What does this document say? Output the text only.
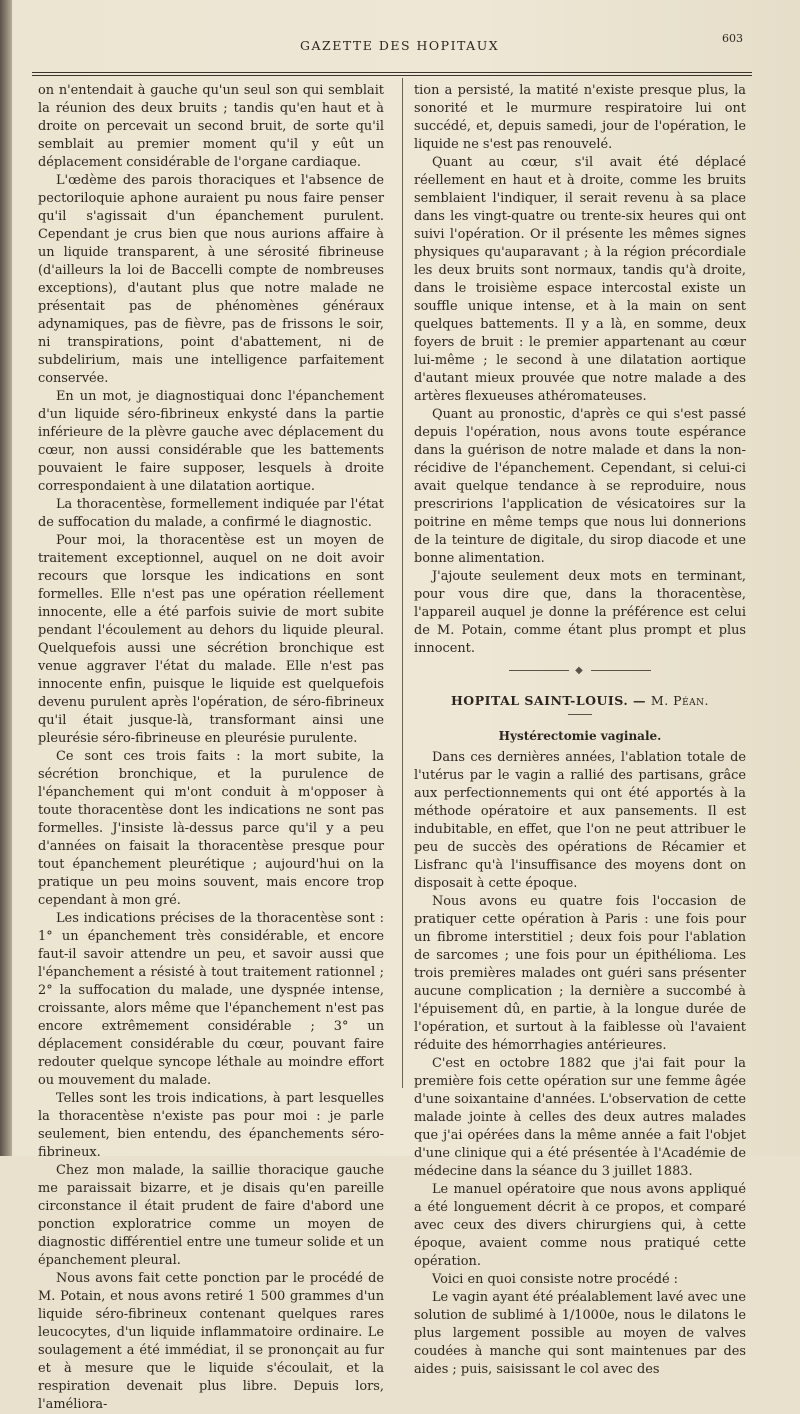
GAZETTE DES HOPITAUX	603

on n'entendait à gauche qu'un seul son qui semblait la réunion des deux bruits ; tandis qu'en haut et à droite on percevait un second bruit, de sorte qu'il semblait au premier moment qu'il y eût un déplacement considérable de l'organe cardiaque.

L'œdème des parois thoraciques et l'absence de pectoriloquie aphone auraient pu nous faire penser qu'il s'agissait d'un épanchement purulent. Cependant je crus bien que nous aurions affaire à un liquide transparent, à une sérosité fibrineuse (d'ailleurs la loi de Baccelli compte de nombreuses exceptions), d'autant plus que notre malade ne présentait pas de phénomènes généraux adynamiques, pas de fièvre, pas de frissons le soir, ni transpirations, point d'abattement, ni de subdelirium, mais une intelligence parfaitement conservée.

En un mot, je diagnostiquai donc l'épanchement d'un liquide séro-fibrineux enkysté dans la partie inférieure de la plèvre gauche avec déplacement du cœur, non aussi considérable que les battements pouvaient le faire supposer, lesquels à droite correspondaient à une dilatation aortique.

La thoracentèse, formellement indiquée par l'état de suffocation du malade, a confirmé le diagnostic.

Pour moi, la thoracentèse est un moyen de traitement exceptionnel, auquel on ne doit avoir recours que lorsque les indications en sont formelles. Elle n'est pas une opération réellement innocente, elle a été parfois suivie de mort subite pendant l'écoulement au dehors du liquide pleural. Quelquefois aussi une sécrétion bronchique est venue aggraver l'état du malade. Elle n'est pas innocente enfin, puisque le liquide est quelquefois devenu purulent après l'opération, de séro-fibrineux qu'il était jusque-là, transformant ainsi une pleurésie séro-fibrineuse en pleurésie purulente.

Ce sont ces trois faits : la mort subite, la sécrétion bronchique, et la purulence de l'épanchement qui m'ont conduit à m'opposer à toute thoracentèse dont les indications ne sont pas formelles. J'insiste là-dessus parce qu'il y a peu d'années on faisait la thoracentèse presque pour tout épanchement pleurétique ; aujourd'hui on la pratique un peu moins souvent, mais encore trop cependant à mon gré.

Les indications précises de la thoracentèse sont : 1° un épanchement très considérable, et encore faut-il savoir attendre un peu, et savoir aussi que l'épanchement a résisté à tout traitement rationnel ; 2° la suffocation du malade, une dyspnée intense, croissante, alors même que l'épanchement n'est pas encore extrêmement considérable ; 3° un déplacement considérable du cœur, pouvant faire redouter quelque syncope léthale au moindre effort ou mouvement du malade.

Telles sont les trois indications, à part lesquelles la thoracentèse n'existe pas pour moi : je parle seulement, bien entendu, des épanchements séro-fibrineux.

Chez mon malade, la saillie thoracique gauche me paraissait bizarre, et je disais qu'en pareille circonstance il était prudent de faire d'abord une ponction exploratrice comme un moyen de diagnostic différentiel entre une tumeur solide et un épanchement pleural.

Nous avons fait cette ponction par le procédé de M. Potain, et nous avons retiré 1 500 grammes d'un liquide séro-fibrineux contenant quelques rares leucocytes, d'un liquide inflammatoire ordinaire. Le soulagement a été immédiat, il se prononçait au fur et à mesure que le liquide s'écoulait, et la respiration devenait plus libre. Depuis lors, l'améliora-

tion a persisté, la matité n'existe presque plus, la sonorité et le murmure respiratoire lui ont succédé, et, depuis samedi, jour de l'opération, le liquide ne s'est pas renouvelé.

Quant au cœur, s'il avait été déplacé réellement en haut et à droite, comme les bruits semblaient l'indiquer, il serait revenu à sa place dans les vingt-quatre ou trente-six heures qui ont suivi l'opération. Or il présente les mêmes signes physiques qu'auparavant ; à la région précordiale les deux bruits sont normaux, tandis qu'à droite, dans le troisième espace intercostal existe un souffle unique intense, et à la main on sent quelques battements. Il y a là, en somme, deux foyers de bruit : le premier appartenant au cœur lui-même ; le second à une dilatation aortique d'autant mieux prouvée que notre malade a des artères flexueuses athéromateuses.

Quant au pronostic, d'après ce qui s'est passé depuis l'opération, nous avons toute espérance dans la guérison de notre malade et dans la non-récidive de l'épanchement. Cependant, si celui-ci avait quelque tendance à se reproduire, nous prescririons l'application de vésicatoires sur la poitrine en même temps que nous lui donnerions de la teinture de digitale, du sirop diacode et une bonne alimentation.

J'ajoute seulement deux mots en terminant, pour vous dire que, dans la thoracentèse, l'appareil auquel je donne la préférence est celui de M. Potain, comme étant plus prompt et plus innocent.

◆
HOPITAL SAINT-LOUIS. — M. Péan.
Hystérectomie vaginale.

Dans ces dernières années, l'ablation totale de l'utérus par le vagin a rallié des partisans, grâce aux perfectionnements qui ont été apportés à la méthode opératoire et aux pansements. Il est indubitable, en effet, que l'on ne peut attribuer le peu de succès des opérations de Récamier et Lisfranc qu'à l'insuffisance des moyens dont on disposait à cette époque.

Nous avons eu quatre fois l'occasion de pratiquer cette opération à Paris : une fois pour un fibrome interstitiel ; deux fois pour l'ablation de sarcomes ; une fois pour un épithélioma. Les trois premières malades ont guéri sans présenter aucune complication ; la dernière a succombé à l'épuisement dû, en partie, à la longue durée de l'opération, et surtout à la faiblesse où l'avaient réduite des hémorrhagies antérieures.

C'est en octobre 1882 que j'ai fait pour la première fois cette opération sur une femme âgée d'une soixantaine d'années. L'observation de cette malade jointe à celles des deux autres malades que j'ai opérées dans la même année a fait l'objet d'une clinique qui a été présentée à l'Académie de médecine dans la séance du 3 juillet 1883.

Le manuel opératoire que nous avons appliqué a été longuement décrit à ce propos, et comparé avec ceux des divers chirurgiens qui, à cette époque, avaient comme nous pratiqué cette opération.

Voici en quoi consiste notre procédé :

Le vagin ayant été préalablement lavé avec une solution de sublimé à 1/1000e, nous le dilatons le plus largement possible au moyen de valves coudées à manche qui sont maintenues par des aides ; puis, saisissant le col avec des
